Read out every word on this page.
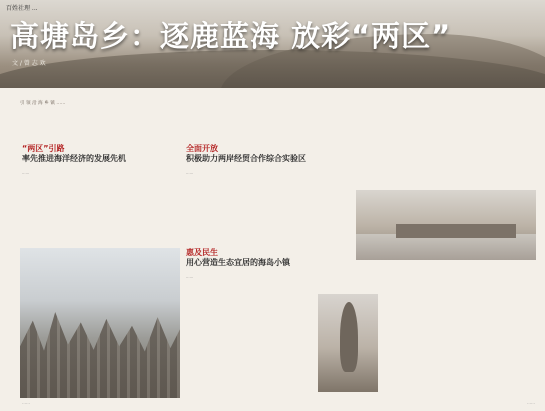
百姓社理 ...
高塘岛乡：逐鹿蓝海 放彩“两区”
文 / 曾 志 欢

引 领 沿 海 乡 镇 ……

“两区”引路
率先推进海洋经济的发展先机

……

全面开放
积极助力两岸经贸合作综合实验区

……

惠及民生
用心营造生态宜居的海岛小镇

……

……	……
